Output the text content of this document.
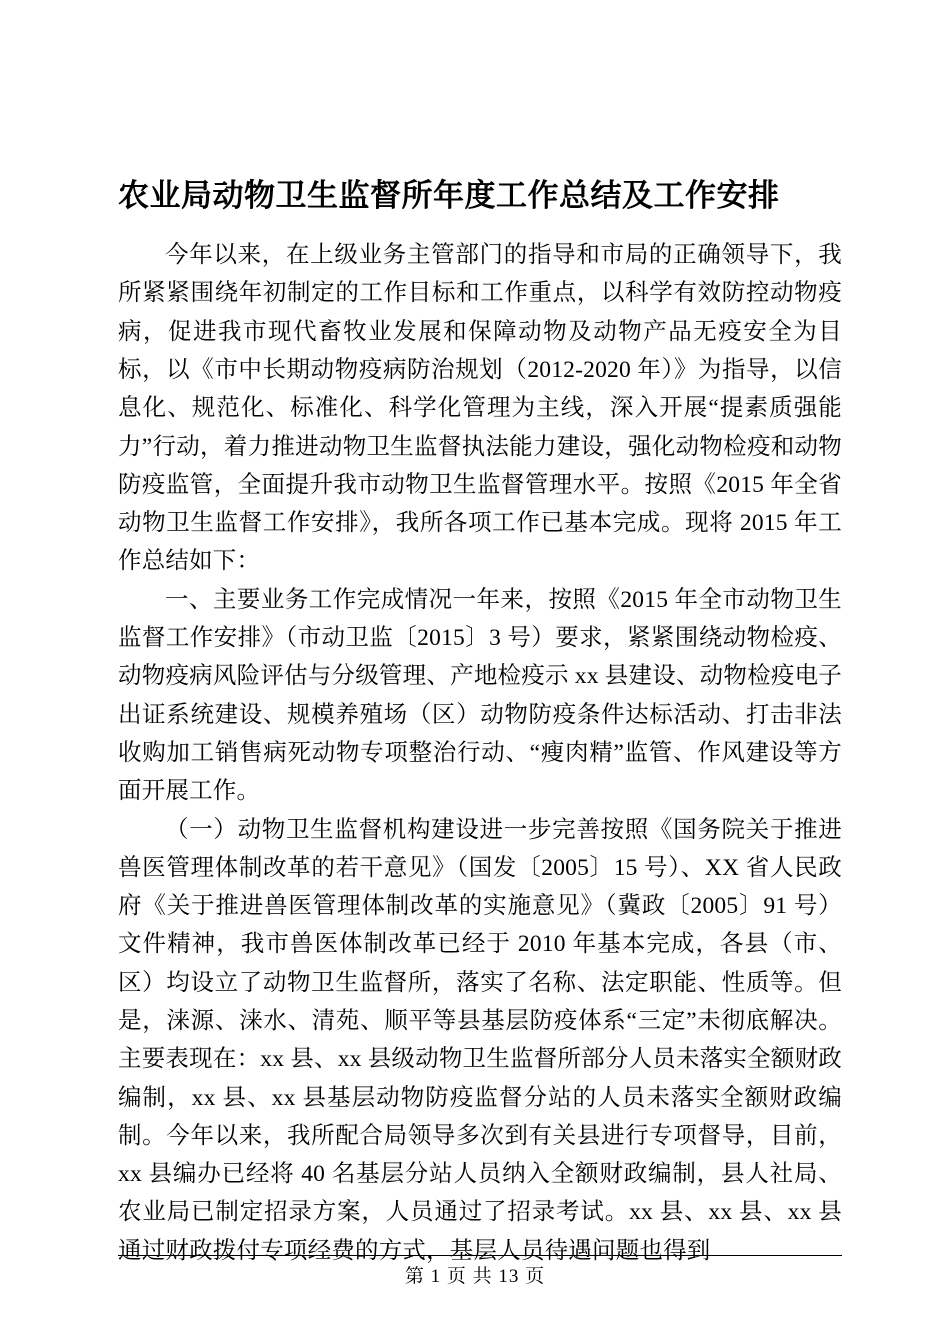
农业局动物卫生监督所年度工作总结及工作安排

今年以来，在上级业务主管部门的指导和市局的正确领导下，我所紧紧围绕年初制定的工作目标和工作重点，以科学有效防控动物疫病，促进我市现代畜牧业发展和保障动物及动物产品无疫安全为目标，以《市中长期动物疫病防治规划（2012-2020 年）》为指导，以信息化、规范化、标准化、科学化管理为主线，深入开展“提素质强能力”行动，着力推进动物卫生监督执法能力建设，强化动物检疫和动物防疫监管，全面提升我市动物卫生监督管理水平。按照《2015 年全省动物卫生监督工作安排》，我所各项工作已基本完成。现将 2015 年工作总结如下：

一、主要业务工作完成情况一年来，按照《2015 年全市动物卫生监督工作安排》（市动卫监〔2015〕3 号）要求，紧紧围绕动物检疫、动物疫病风险评估与分级管理、产地检疫示 xx 县建设、动物检疫电子出证系统建设、规模养殖场（区）动物防疫条件达标活动、打击非法收购加工销售病死动物专项整治行动、“瘦肉精”监管、作风建设等方面开展工作。

（一）动物卫生监督机构建设进一步完善按照《国务院关于推进兽医管理体制改革的若干意见》（国发〔2005〕15 号）、XX 省人民政府《关于推进兽医管理体制改革的实施意见》（冀政〔2005〕91 号）文件精神，我市兽医体制改革已经于 2010 年基本完成，各县（市、区）均设立了动物卫生监督所，落实了名称、法定职能、性质等。但是，涞源、涞水、清苑、顺平等县基层防疫体系“三定”未彻底解决。主要表现在：xx 县、xx 县级动物卫生监督所部分人员未落实全额财政编制，xx 县、xx 县基层动物防疫监督分站的人员未落实全额财政编制。今年以来，我所配合局领导多次到有关县进行专项督导，目前，xx 县编办已经将 40 名基层分站人员纳入全额财政编制，县人社局、农业局已制定招录方案，人员通过了招录考试。xx 县、xx 县、xx 县通过财政拨付专项经费的方式，基层人员待遇问题也得到

第 1 页 共 13 页
